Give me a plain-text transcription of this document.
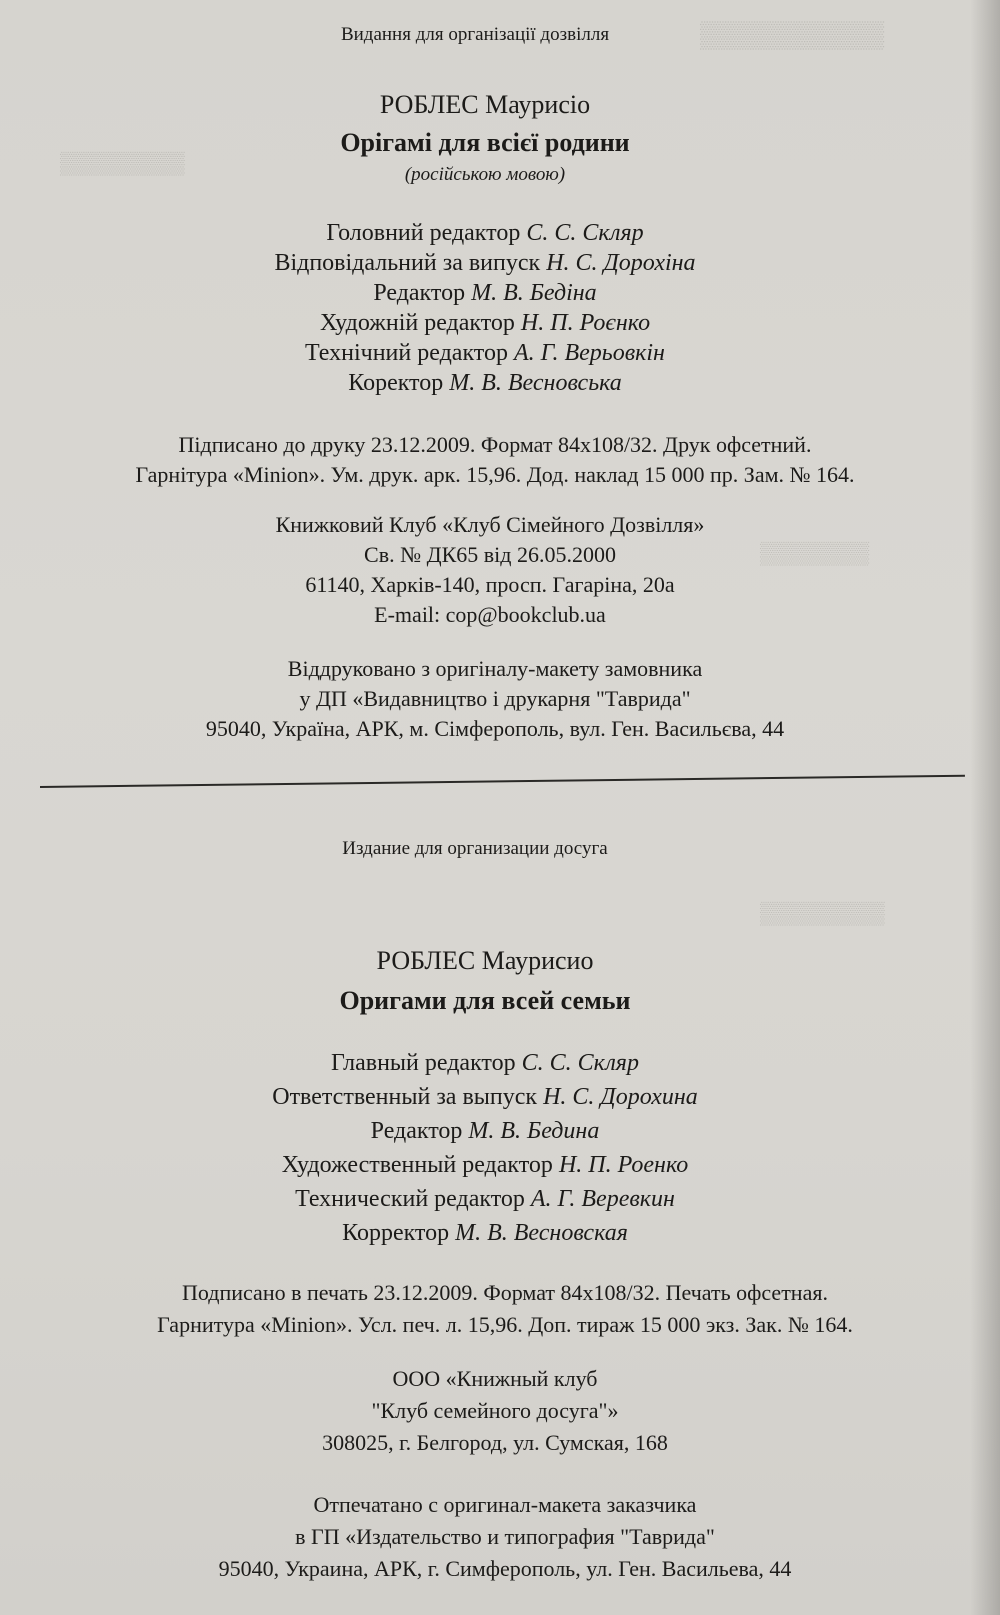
▒▒▒▒▒▒▒▒▒▒
▒▒▒▒▒▒▒▒
▒▒▒▒▒▒▒
▒▒▒▒▒▒▒▒
Видання для організації дозвілля
РОБЛЕС Маурисіо
Орігамі для всієї родини
(російською мовою)
Головний редактор С. С. Скляр
Відповідальний за випуск Н. С. Дорохіна
Редактор М. В. Бедіна
Художній редактор Н. П. Роєнко
Технічний редактор А. Г. Верьовкін
Коректор М. В. Весновська
Підписано до друку 23.12.2009. Формат 84x108/32. Друк офсетний.
Гарнітура «Minion». Ум. друк. арк. 15,96. Дод. наклад 15 000 пр. Зам. № 164.
Книжковий Клуб «Клуб Сімейного Дозвілля»
Св. № ДК65 від 26.05.2000
61140, Харків-140, просп. Гагаріна, 20а
E-mail: cop@bookclub.ua
Віддруковано з оригіналу-макету замовника
у ДП «Видавництво і друкарня "Таврида"
95040, Україна, АРК, м. Сімферополь, вул. Ген. Васильєва, 44
Издание для организации досуга
РОБЛЕС Маурисио
Оригами для всей семьи
Главный редактор С. С. Скляр
Ответственный за выпуск Н. С. Дорохина
Редактор М. В. Бедина
Художественный редактор Н. П. Роенко
Технический редактор А. Г. Веревкин
Корректор М. В. Весновская
Подписано в печать 23.12.2009. Формат 84x108/32. Печать офсетная.
Гарнитура «Minion». Усл. печ. л. 15,96. Доп. тираж 15 000 экз. Зак. № 164.
ООО «Книжный клуб
"Клуб семейного досуга"»
308025, г. Белгород, ул. Сумская, 168
Отпечатано с оригинал-макета заказчика
в ГП «Издательство и типография "Таврида"
95040, Украина, АРК, г. Симферополь, ул. Ген. Васильева, 44
